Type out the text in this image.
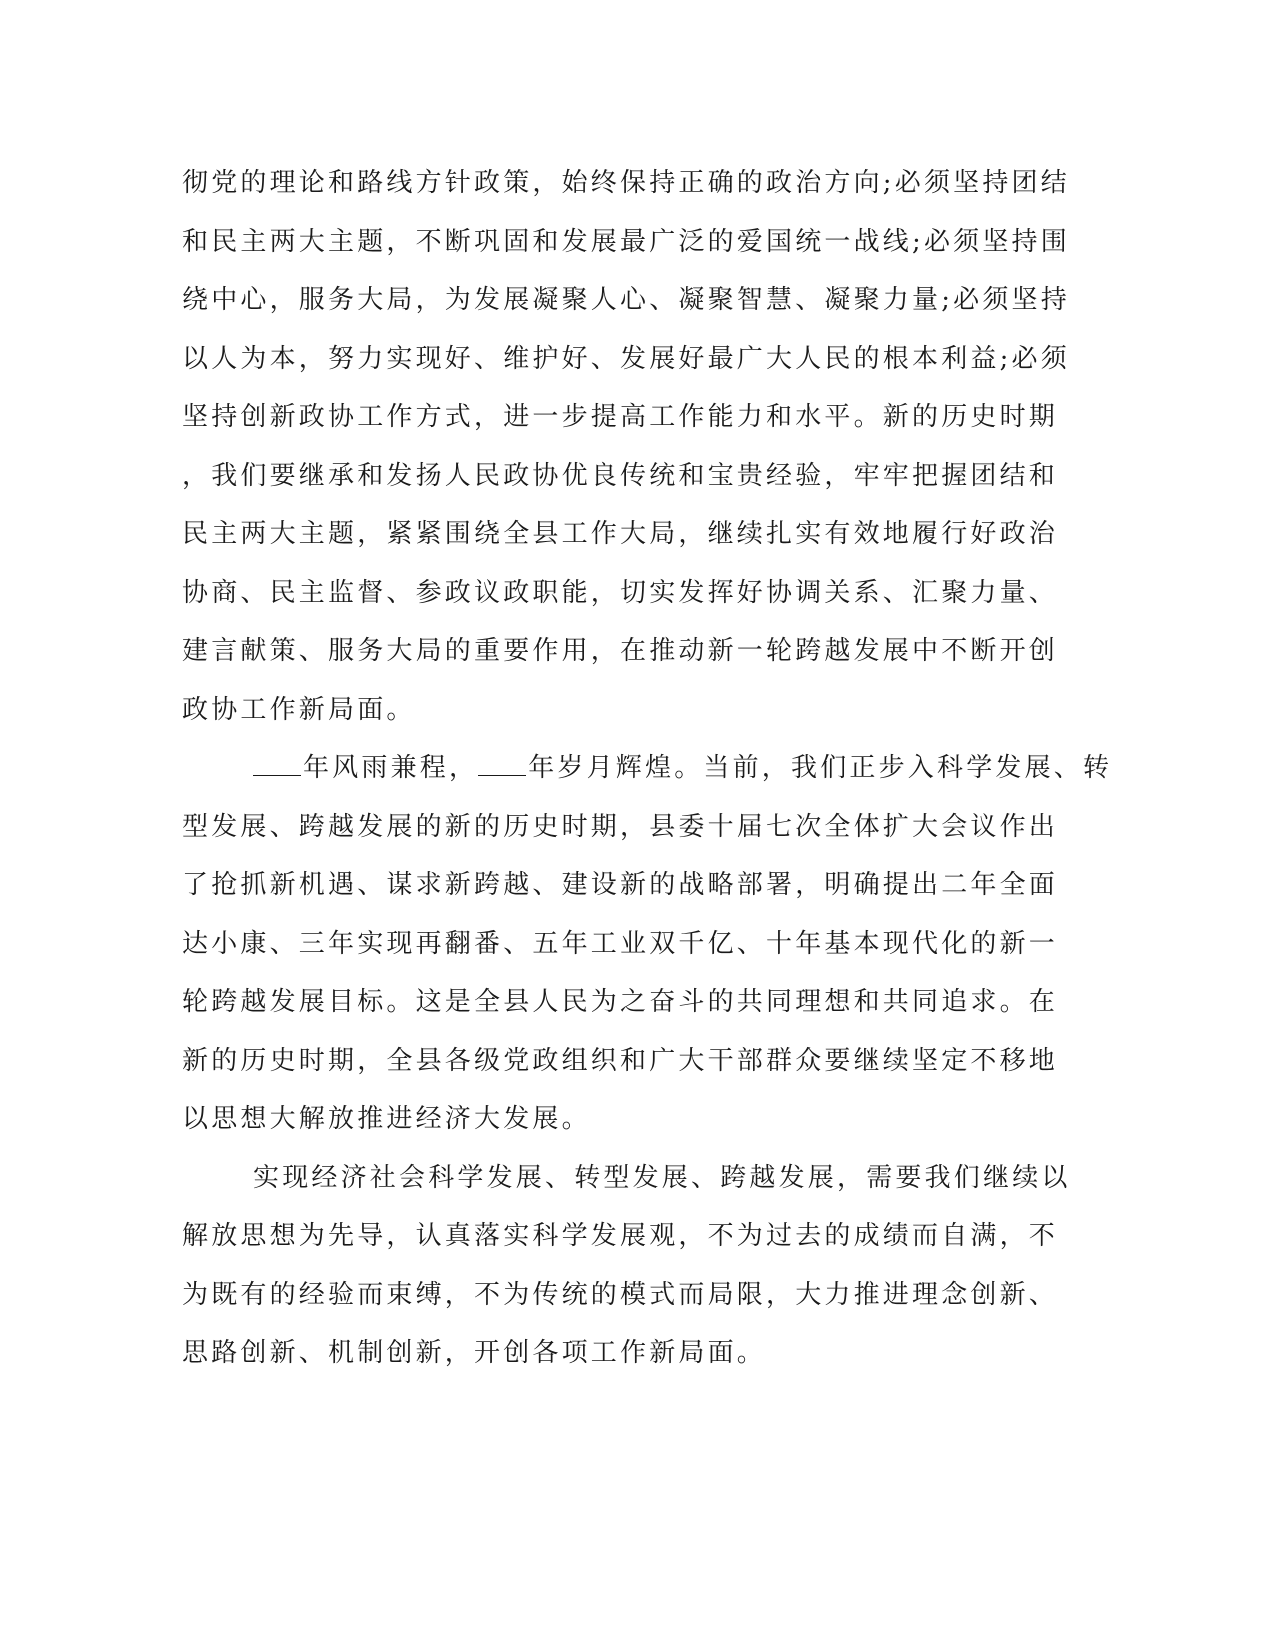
彻党的理论和路线方针政策，始终保持正确的政治方向;必须坚持团结
和民主两大主题，不断巩固和发展最广泛的爱国统一战线;必须坚持围
绕中心，服务大局，为发展凝聚人心、凝聚智慧、凝聚力量;必须坚持
以人为本，努力实现好、维护好、发展好最广大人民的根本利益;必须
坚持创新政协工作方式，进一步提高工作能力和水平。新的历史时期
，我们要继承和发扬人民政协优良传统和宝贵经验，牢牢把握团结和
民主两大主题，紧紧围绕全县工作大局，继续扎实有效地履行好政治
协商、民主监督、参政议政职能，切实发挥好协调关系、汇聚力量、
建言献策、服务大局的重要作用，在推动新一轮跨越发展中不断开创
政协工作新局面。
年风雨兼程， 年岁月辉煌。当前，我们正步入科学发展、转
型发展、跨越发展的新的历史时期，县委十届七次全体扩大会议作出
了抢抓新机遇、谋求新跨越、建设新的战略部署，明确提出二年全面
达小康、三年实现再翻番、五年工业双千亿、十年基本现代化的新一
轮跨越发展目标。这是全县人民为之奋斗的共同理想和共同追求。在
新的历史时期，全县各级党政组织和广大干部群众要继续坚定不移地
以思想大解放推进经济大发展。
实现经济社会科学发展、转型发展、跨越发展，需要我们继续以
解放思想为先导，认真落实科学发展观，不为过去的成绩而自满，不
为既有的经验而束缚，不为传统的模式而局限，大力推进理念创新、
思路创新、机制创新，开创各项工作新局面。
